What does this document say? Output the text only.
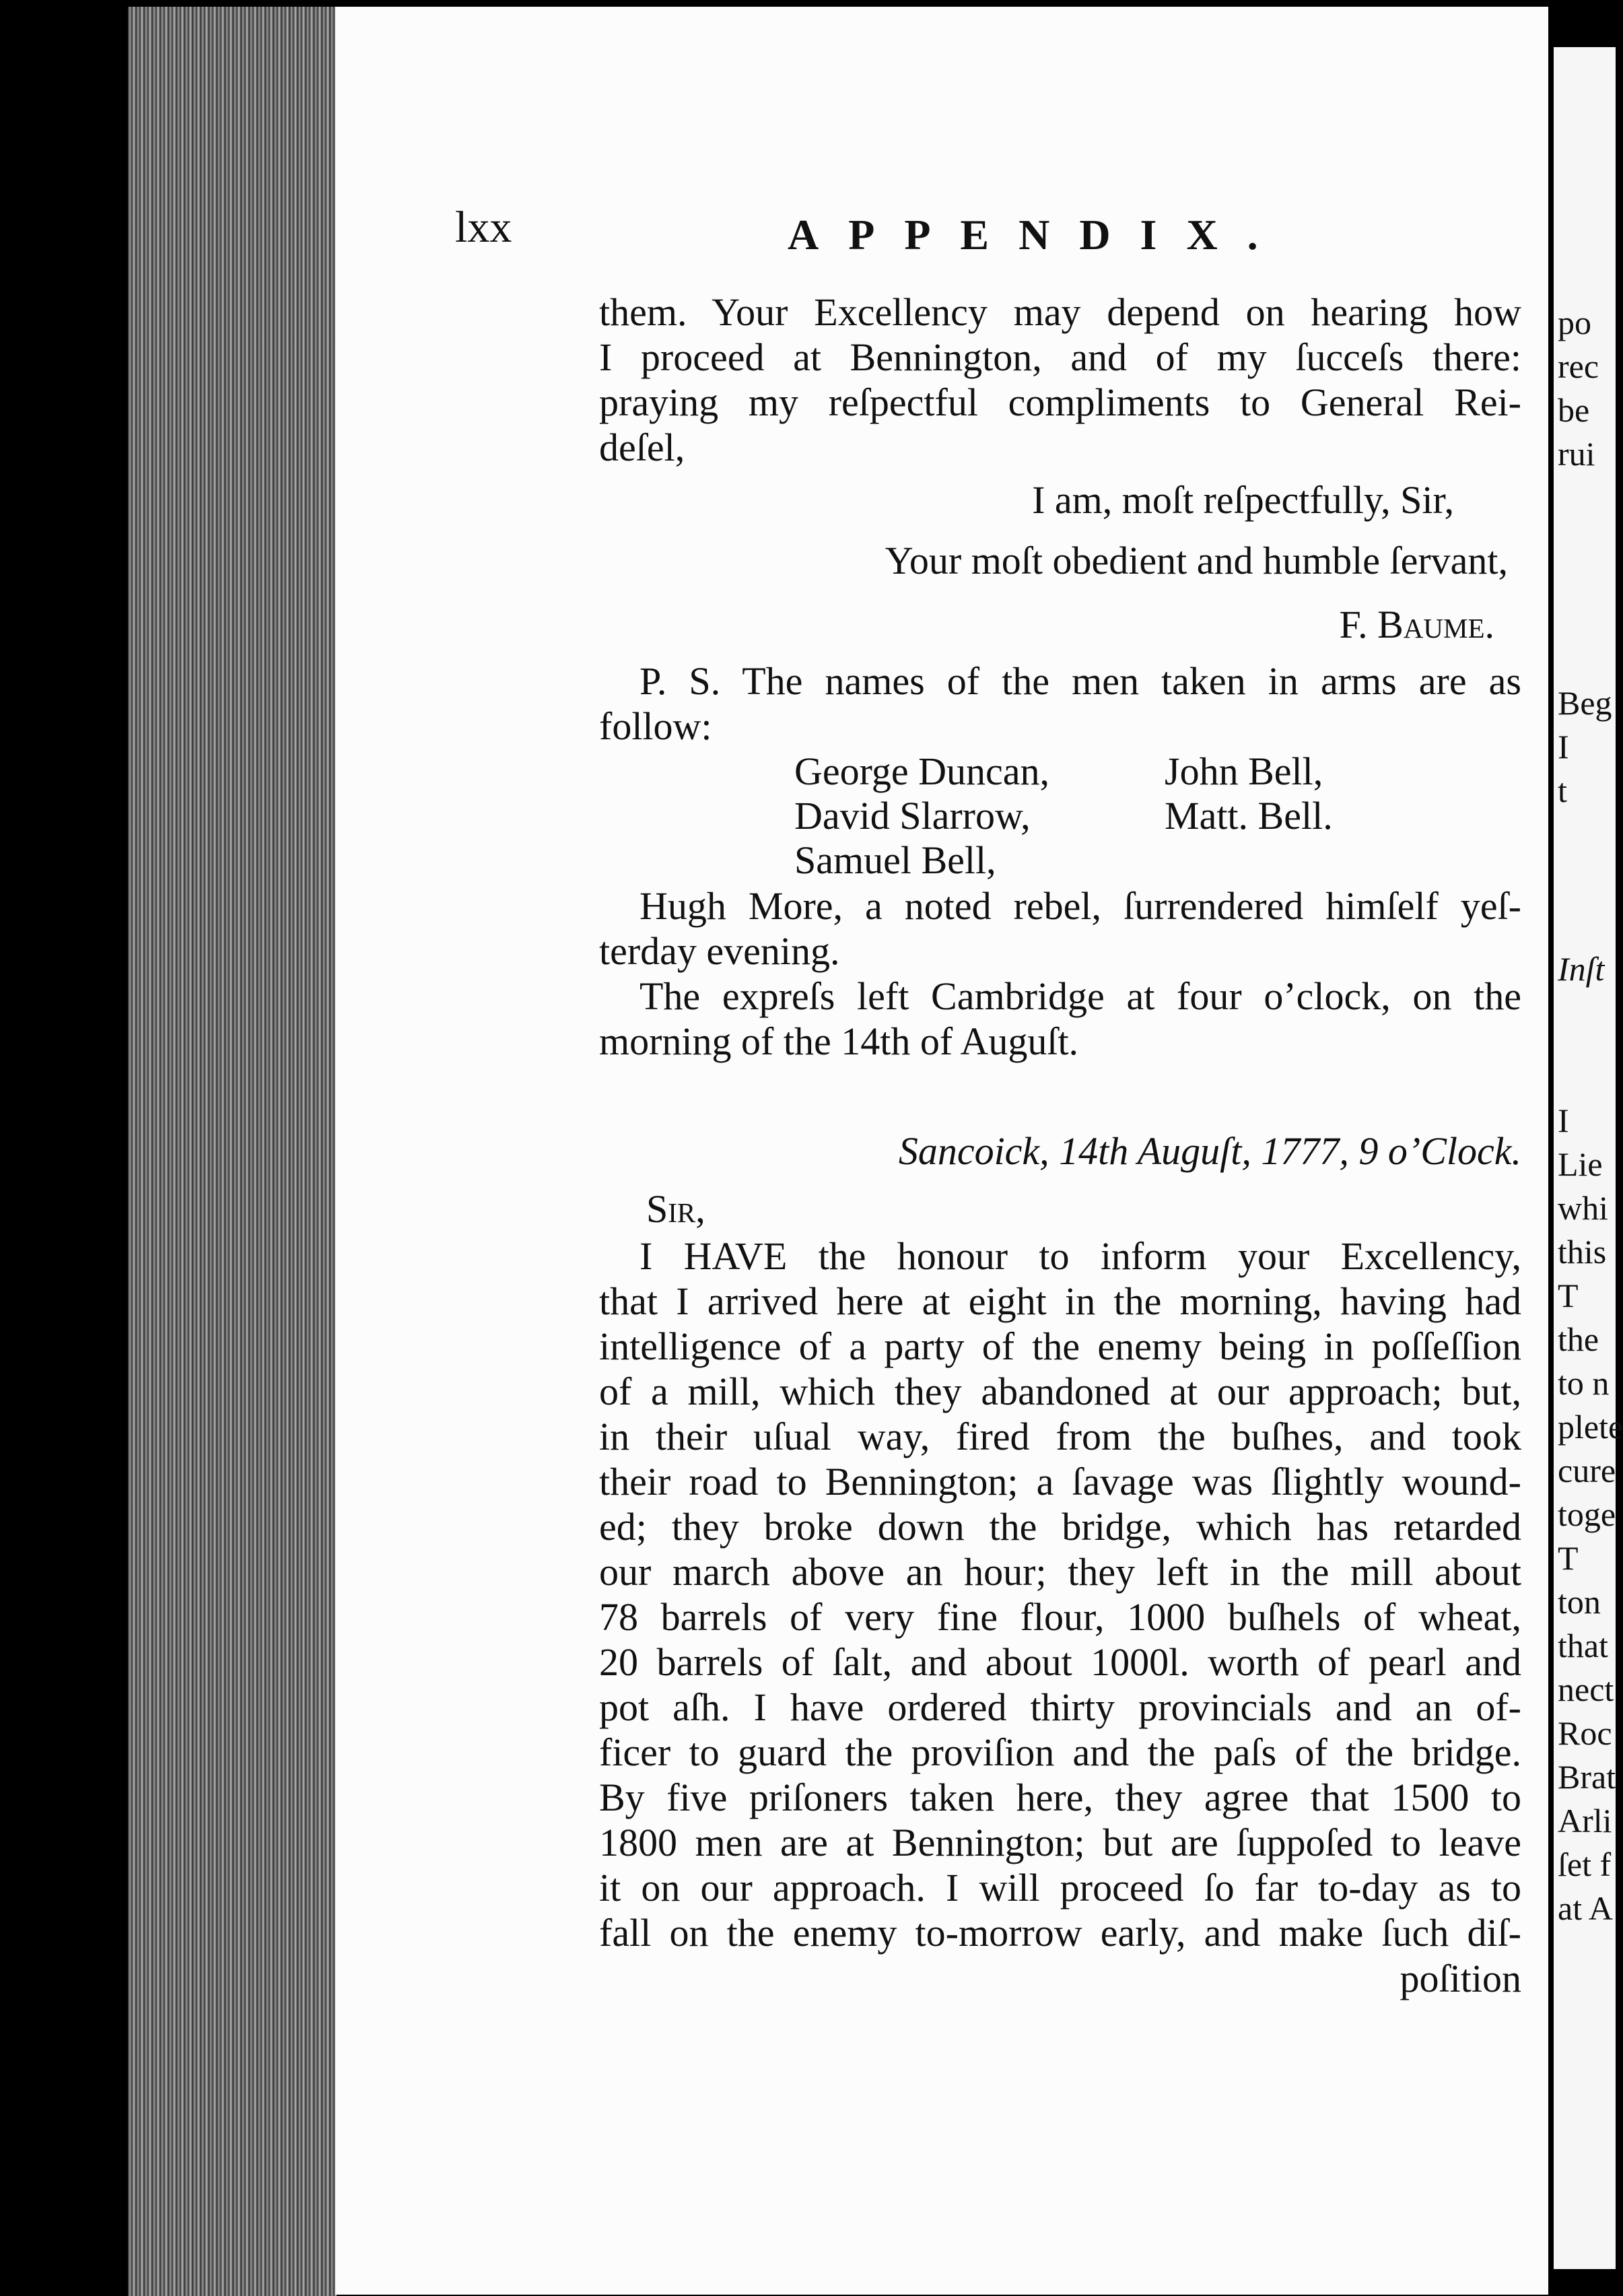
lxx	APPENDIX.
them. Your Excellency may depend on hearing how
I proceed at Bennington, and of my ſucceſs there:
praying my reſpectful compliments to General Rei-
deſel,
I am, moſt reſpectfully, Sir,
Your moſt obedient and humble ſervant,
F. Baume.
P. S. The names of the men taken in arms are as
follow:
George Duncan,
David Slarrow,
Samuel Bell,
John Bell,
Matt. Bell.
Hugh More, a noted rebel, ſurrendered himſelf yeſ-
terday evening.
The expreſs left Cambridge at four o’clock, on the
morning of the 14th of Auguſt.
Sancoick, 14th Auguſt, 1777, 9 o’Clock.
Sir,
I HAVE the honour to inform your Excellency,
that I arrived here at eight in the morning, having had
intelligence of a party of the enemy being in poſſeſſion
of a mill, which they abandoned at our approach; but,
in their uſual way, fired from the buſhes, and took
their road to Bennington; a ſavage was ſlightly wound-
ed; they broke down the bridge, which has retarded
our march above an hour; they left in the mill about
78 barrels of very fine flour, 1000 buſhels of wheat,
20 barrels of ſalt, and about 1000l. worth of pearl and
pot aſh. I have ordered thirty provincials and an of-
ficer to guard the proviſion and the paſs of the bridge.
By five priſoners taken here, they agree that 1500 to
1800 men are at Bennington; but are ſuppoſed to leave
it on our approach. I will proceed ſo far to-day as to
fall on the enemy to-morrow early, and make ſuch diſ-
poſition
po
rec
be
rui
Beg
I
t
Inſt
I
Lie
whi
this
T
the
to n
plete
cure
toge
T
ton
that
nect
Roc
Brat
Arli
ſet f
at A
